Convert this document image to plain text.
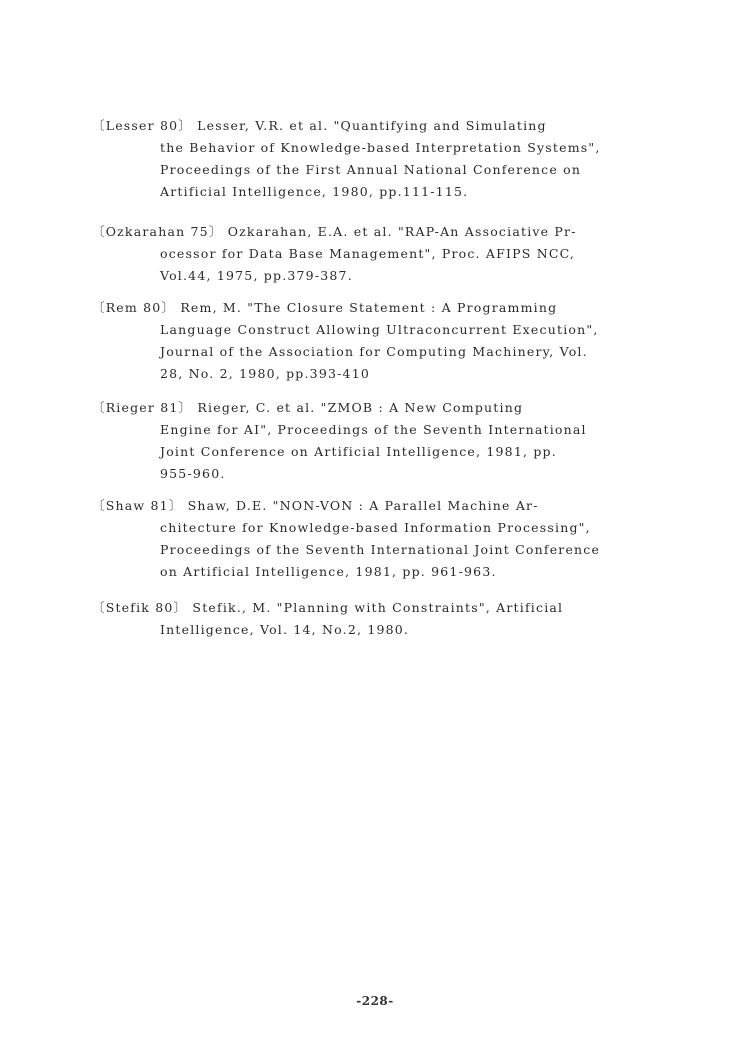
〔Lesser 80〕 Lesser, V.R. et al. "Quantifying and Simulating
the Behavior of Knowledge-based Interpretation Systems",
Proceedings of the First Annual National Conference on
Artificial Intelligence, 1980, pp.111-115.
〔Ozkarahan 75〕 Ozkarahan, E.A. et al. "RAP-An Associative Pr-
ocessor for Data Base Management", Proc. AFIPS NCC,
Vol.44, 1975, pp.379-387.
〔Rem 80〕 Rem, M. "The Closure Statement : A Programming
Language Construct Allowing Ultraconcurrent Execution",
Journal of the Association for Computing Machinery, Vol.
28, No. 2, 1980, pp.393-410
〔Rieger 81〕 Rieger, C. et al. "ZMOB : A New Computing
Engine for AI", Proceedings of the Seventh International
Joint Conference on Artificial Intelligence, 1981, pp.
955-960.
〔Shaw 81〕 Shaw, D.E. "NON-VON : A Parallel Machine Ar-
chitecture for Knowledge-based Information Processing",
Proceedings of the Seventh International Joint Conference
on Artificial Intelligence, 1981, pp. 961-963.
〔Stefik 80〕 Stefik., M. "Planning with Constraints", Artificial
Intelligence, Vol. 14, No.2, 1980.
-228-
